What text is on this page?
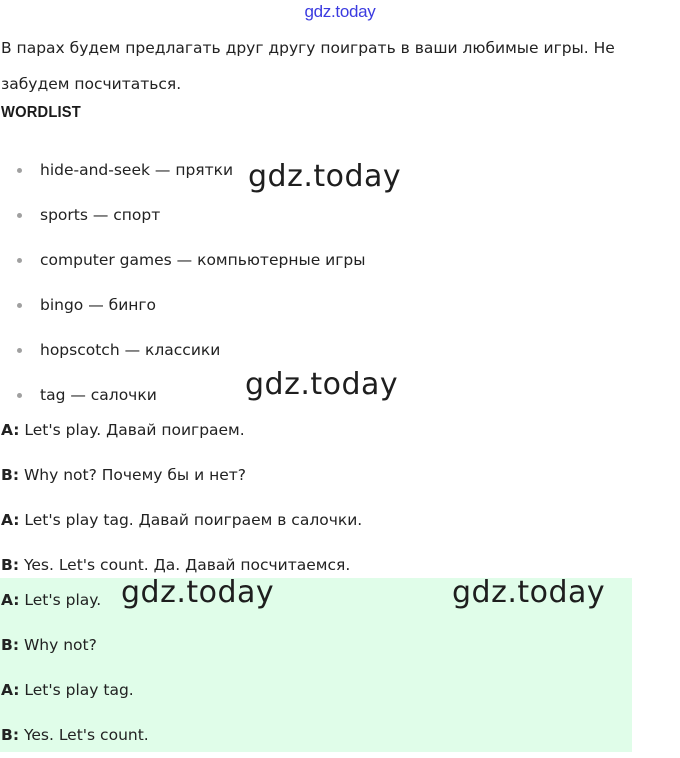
gdz.today
В парах будем предлагать друг другу поиграть в ваши любимые игры. Не забудем посчитаться.
WORDLIST
hide-and-seek — прятки
sports — спорт
computer games — компьютерные игры
bingo — бинго
hopscotch — классики
tag — салочки
A: Let's play. Давай поиграем.
B: Why not? Почему бы и нет?
A: Let's play tag. Давай поиграем в салочки.
B: Yes. Let's count. Да. Давай посчитаемся.
A: Let's play.
B: Why not?
A: Let's play tag.
B: Yes. Let's count.
gdz.today
gdz.today
gdz.today	gdz.today
